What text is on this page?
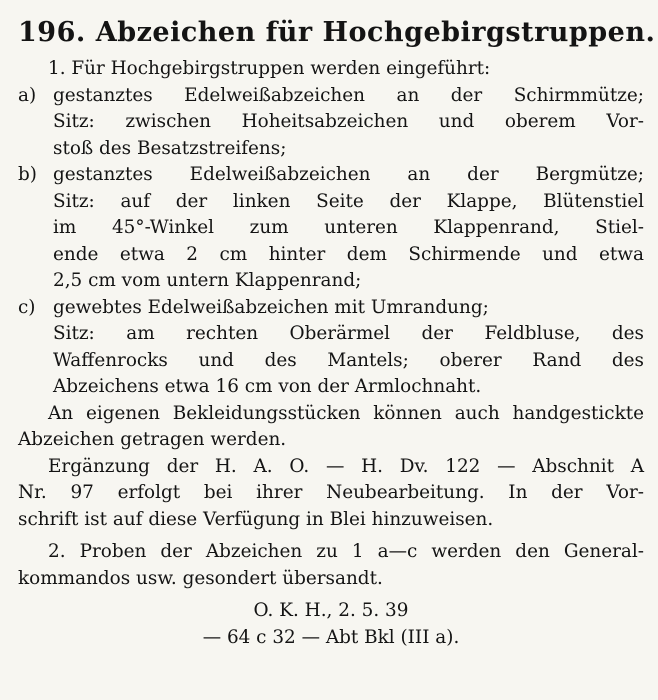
196. Abzeichen für Hochgebirgstruppen.
1. Für Hochgebirgstruppen werden eingeführt:
a) gestanztes Edelweißabzeichen an der Schirmmütze;
Sitz: zwischen Hoheitsabzeichen und oberem Vor-
stoß des Besatzstreifens;
b) gestanztes Edelweißabzeichen an der Bergmütze;
Sitz: auf der linken Seite der Klappe, Blütenstiel
im 45°-Winkel zum unteren Klappenrand, Stiel-
ende etwa 2 cm hinter dem Schirmende und etwa
2,5 cm vom untern Klappenrand;
c) gewebtes Edelweißabzeichen mit Umrandung;
Sitz: am rechten Oberärmel der Feldbluse, des
Waffenrocks und des Mantels; oberer Rand des
Abzeichens etwa 16 cm von der Armlochnaht.
An eigenen Bekleidungsstücken können auch handgestickte
Abzeichen getragen werden.
Ergänzung der H. A. O. — H. Dv. 122 — Abschnit A
Nr. 97 erfolgt bei ihrer Neubearbeitung. In der Vor-
schrift ist auf diese Verfügung in Blei hinzuweisen.
2. Proben der Abzeichen zu 1 a—c werden den General-
kommandos usw. gesondert übersandt.
O. K. H., 2. 5. 39
— 64 c 32 — Abt Bkl (III a).
